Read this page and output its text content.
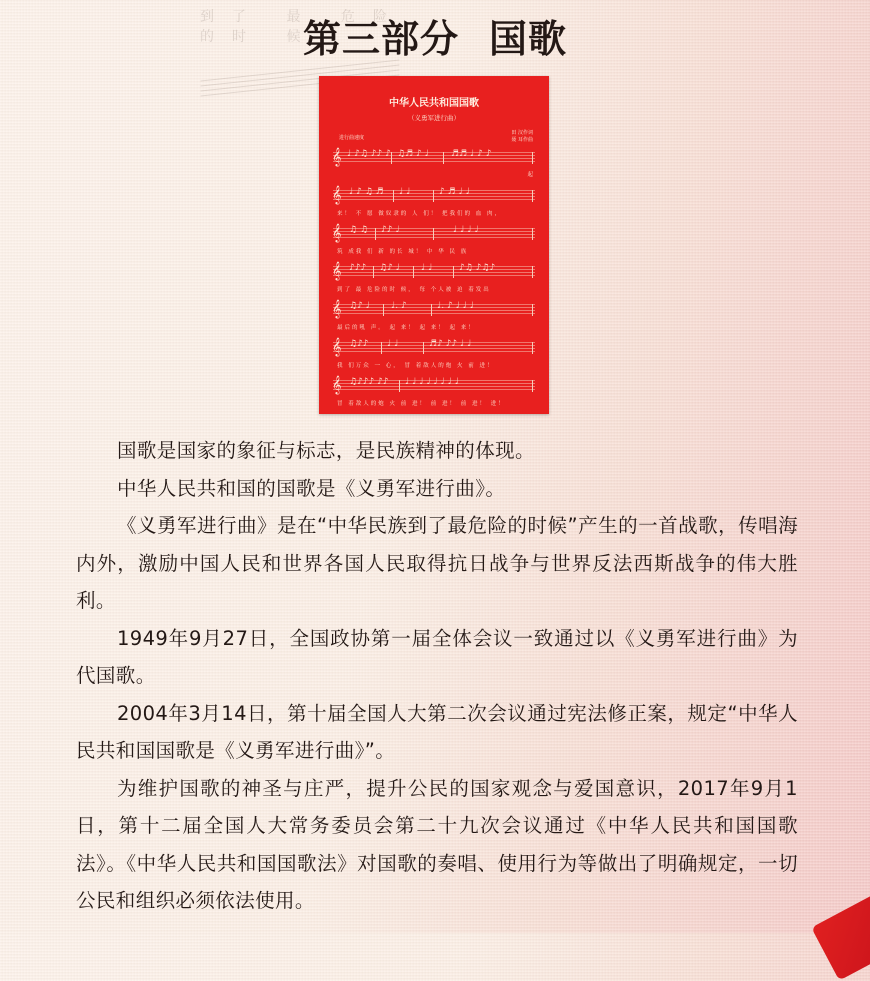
到了 最 危险的时 候
第三部分 国歌
中华人民共和国国歌
（义勇军进行曲）
进行曲速度
田 汉作词
聂 耳作曲
𝄞 ♩ ♪♫ ♪♪ ♪ ♫♬ ♪ ♩ ♬♬ ♩ ♪ ♪
起
𝄞 ♩ ♪ ♫ ♬ ♩ ♩	♪ ♬ ♩ ♩
来！ 不 愿 做奴隶的 人 们！ 把我们的 血 肉，
𝄞 ♫ ♫ ♪♪ ♩	♩ ♩ ♩ ♩
筑 成我 们 新 的长 城！ 中 华 民 族
𝄞 ♪♪♪ ♫♪ ♩ ♩ ♩	♪♫ ♪♫♪
到了 最 危险的时 候， 每 个人被 迫 着发出
𝄞 ♫♪ ♩ ♩. ♪	♩. ♪ ♩ ♩ ♩
最后的吼 声。 起 来！ 起 来！ 起 来！
𝄞 ♫♪♪ ♩ ♩	♬♪ ♪♪ ♩ ♩
我 们万众 一 心， 冒 着敌人的炮 火 前 进！
𝄞 ♫♪♪♪ ♪♪ ♩ ♩ ♩ ♩ ♩ ♩ ♩ ♩
冒 着敌人的炮 火 前 进！ 前 进！ 前 进！ 进！

国歌是国家的象征与标志，是民族精神的体现。

中华人民共和国的国歌是《义勇军进行曲》。

《义勇军进行曲》是在“中华民族到了最危险的时候”产生的一首战歌，传唱海内外，激励中国人民和世界各国人民取得抗日战争与世界反法西斯战争的伟大胜利。

1949年9月27日，全国政协第一届全体会议一致通过以《义勇军进行曲》为代国歌。

2004年3月14日，第十届全国人大第二次会议通过宪法修正案，规定“中华人民共和国国歌是《义勇军进行曲》”。

为维护国歌的神圣与庄严，提升公民的国家观念与爱国意识，2017年9月1日，第十二届全国人大常务委员会第二十九次会议通过《中华人民共和国国歌法》。《中华人民共和国国歌法》对国歌的奏唱、使用行为等做出了明确规定，一切公民和组织必须依法使用。
